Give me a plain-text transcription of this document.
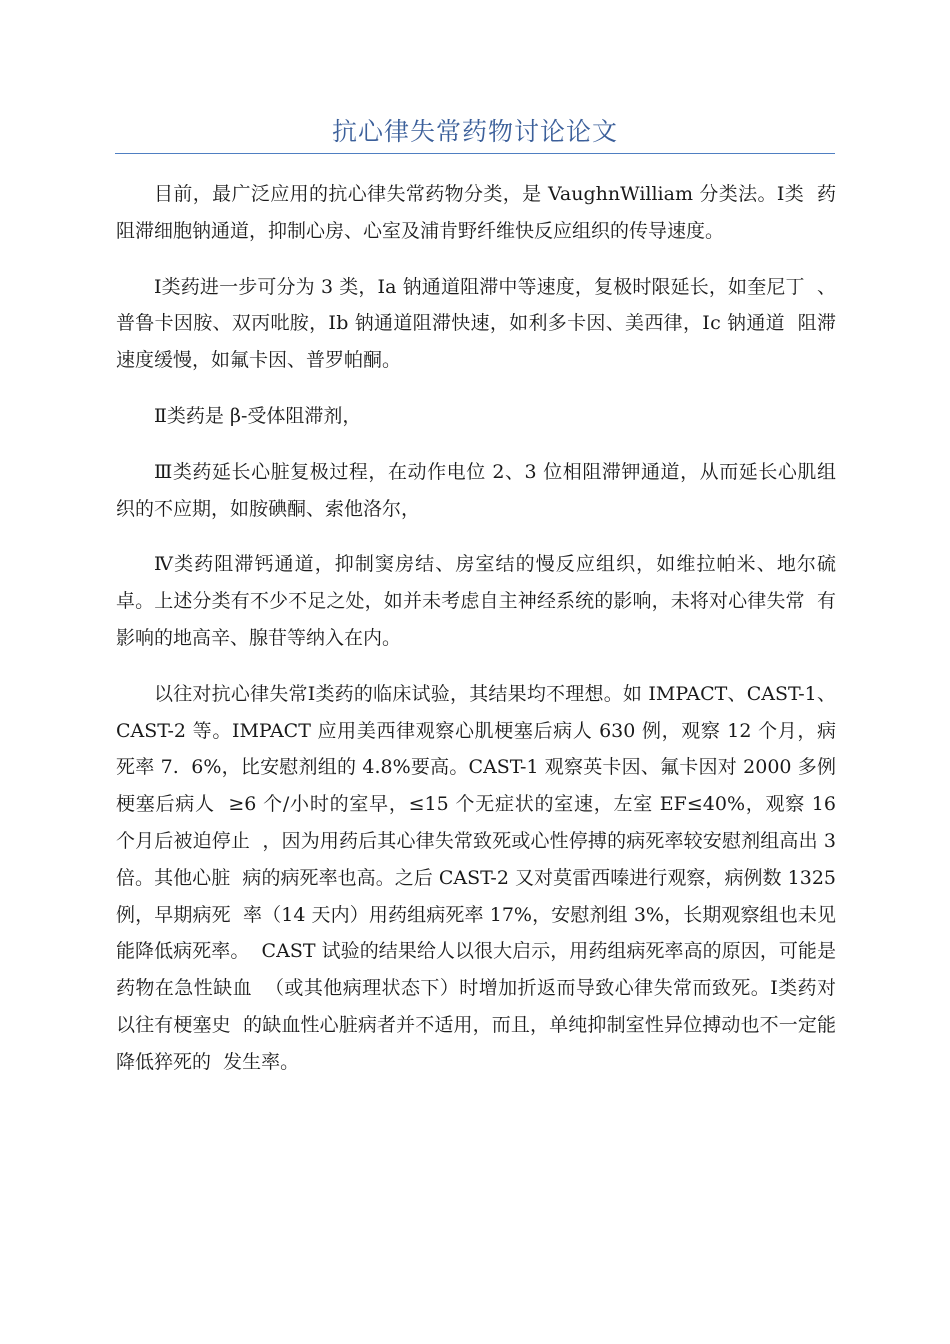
抗心律失常药物讨论论文

目前，最广泛应用的抗心律失常药物分类，是 VaughnWilliam 分类法。Ⅰ类  药阻滞细胞钠通道，抑制心房、心室及浦肯野纤维快反应组织的传导速度。

Ⅰ类药进一步可分为 3 类，Ⅰa 钠通道阻滞中等速度，复极时限延长，如奎尼丁  、普鲁卡因胺、双丙吡胺，Ⅰb 钠通道阻滞快速，如利多卡因、美西律，Ⅰc 钠通道  阻滞速度缓慢，如氟卡因、普罗帕酮。

Ⅱ类药是 β-受体阻滞剂，

Ⅲ类药延长心脏复极过程，在动作电位 2、3 位相阻滞钾通道，从而延长心肌组  织的不应期，如胺碘酮、索他洛尔，

Ⅳ类药阻滞钙通道，抑制窦房结、房室结的慢反应组织，如维拉帕米、地尔硫  卓。上述分类有不少不足之处，如并未考虑自主神经系统的影响，未将对心律失常  有影响的地高辛、腺苷等纳入在内。

以往对抗心律失常Ⅰ类药的临床试验，其结果均不理想。如 IMPACT、CAST-1、  CAST-2 等。IMPACT 应用美西律观察心肌梗塞后病人 630 例，观察 12 个月，病死率 7.  6%，比安慰剂组的 4.8%要高。CAST-1 观察英卡因、氟卡因对 2000 多例梗塞后病人  ≥6 个/小时的室早，≤15 个无症状的室速，左室 EF≤40%，观察 16 个月后被迫停止  ，因为用药后其心律失常致死或心性停搏的病死率较安慰剂组高出 3 倍。其他心脏  病的病死率也高。之后 CAST-2 又对莫雷西嗪进行观察，病例数 1325 例，早期病死  率（14 天内）用药组病死率 17%，安慰剂组 3%，长期观察组也未见能降低病死率。  CAST 试验的结果给人以很大启示，用药组病死率高的原因，可能是药物在急性缺血  （或其他病理状态下）时增加折返而导致心律失常而致死。Ⅰ类药对以往有梗塞史  的缺血性心脏病者并不适用，而且，单纯抑制室性异位搏动也不一定能降低猝死的  发生率。
